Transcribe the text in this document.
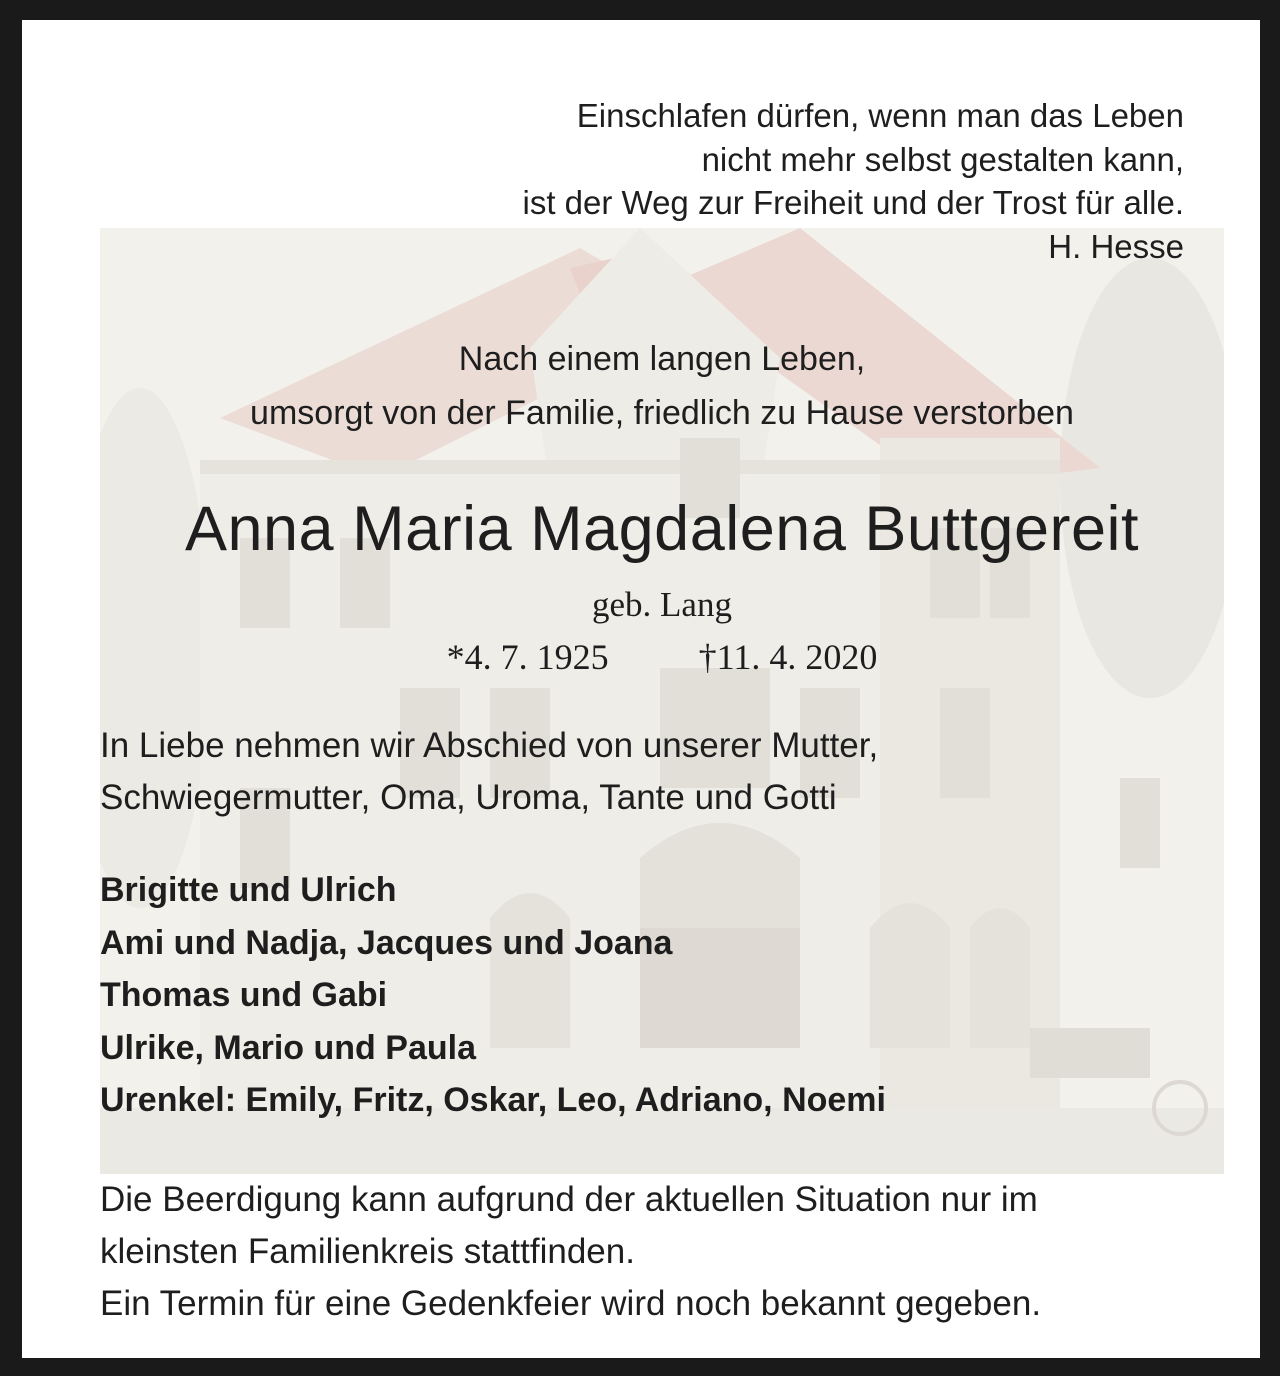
Einschlafen dürfen, wenn man das Leben
nicht mehr selbst gestalten kann,
ist der Weg zur Freiheit und der Trost für alle.
H. Hesse

Nach einem langen Leben,
umsorgt von der Familie, friedlich zu Hause verstorben

Anna Maria Magdalena Buttgereit

geb. Lang

*4. 7. 1925	†11. 4. 2020

In Liebe nehmen wir Abschied von unserer Mutter,
Schwiegermutter, Oma, Uroma, Tante und Gotti

Brigitte und Ulrich
Ami und Nadja, Jacques und Joana
Thomas und Gabi
Ulrike, Mario und Paula
Urenkel: Emily, Fritz, Oskar, Leo, Adriano, Noemi

Die Beerdigung kann aufgrund der aktuellen Situation nur im
kleinsten Familienkreis stattfinden.
Ein Termin für eine Gedenkfeier wird noch bekannt gegeben.
